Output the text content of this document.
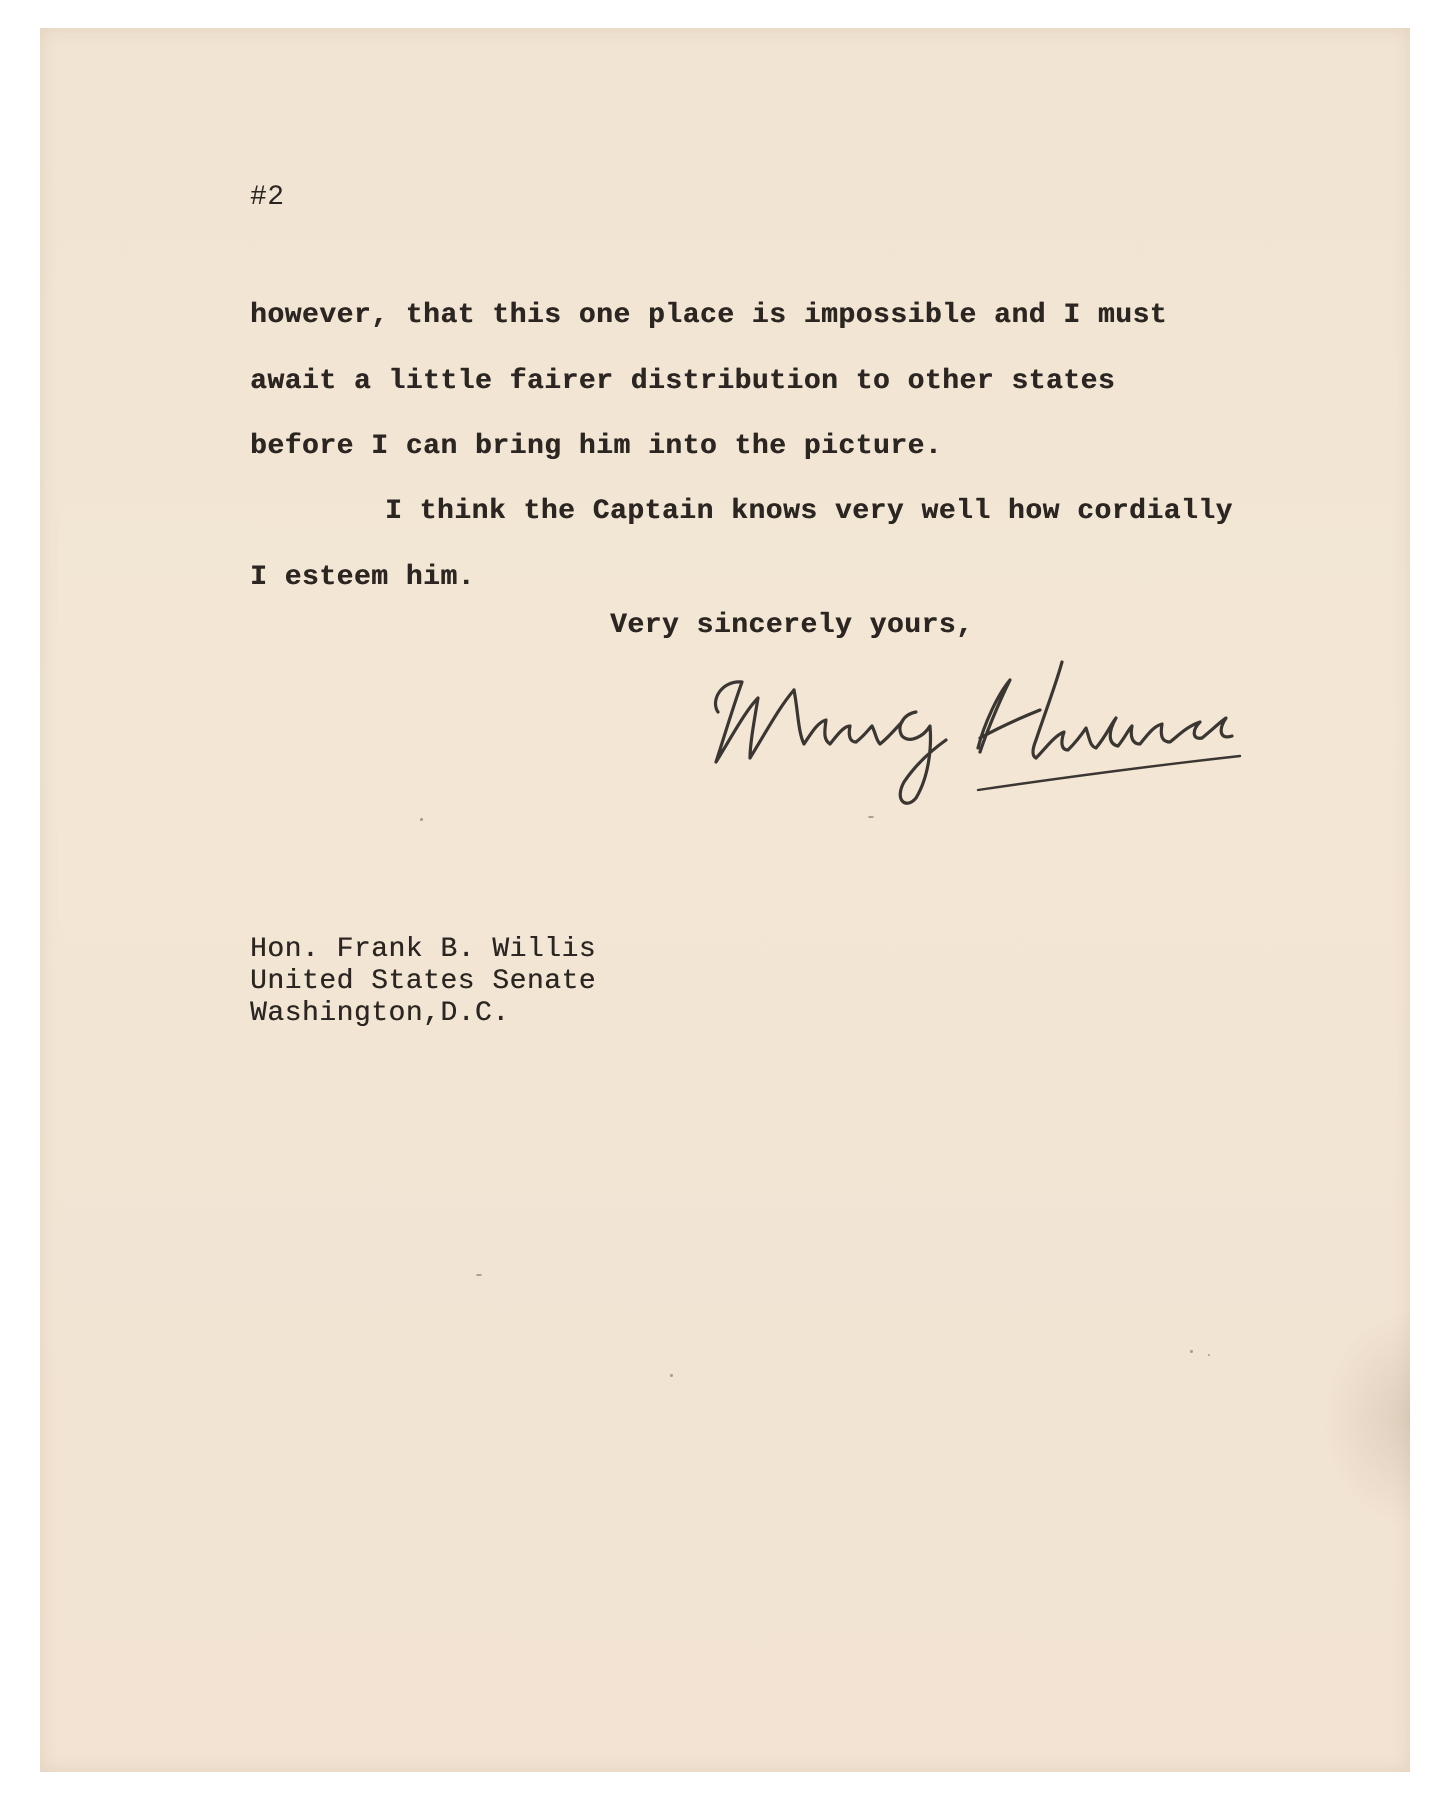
#2
however, that this one place is impossible and I must
await a little fairer distribution to other states
before I can bring him into the picture.
I think the Captain knows very well how cordially
I esteem him.
Very sincerely yours,
Hon. Frank B. Willis
United States Senate
Washington,D.C.
